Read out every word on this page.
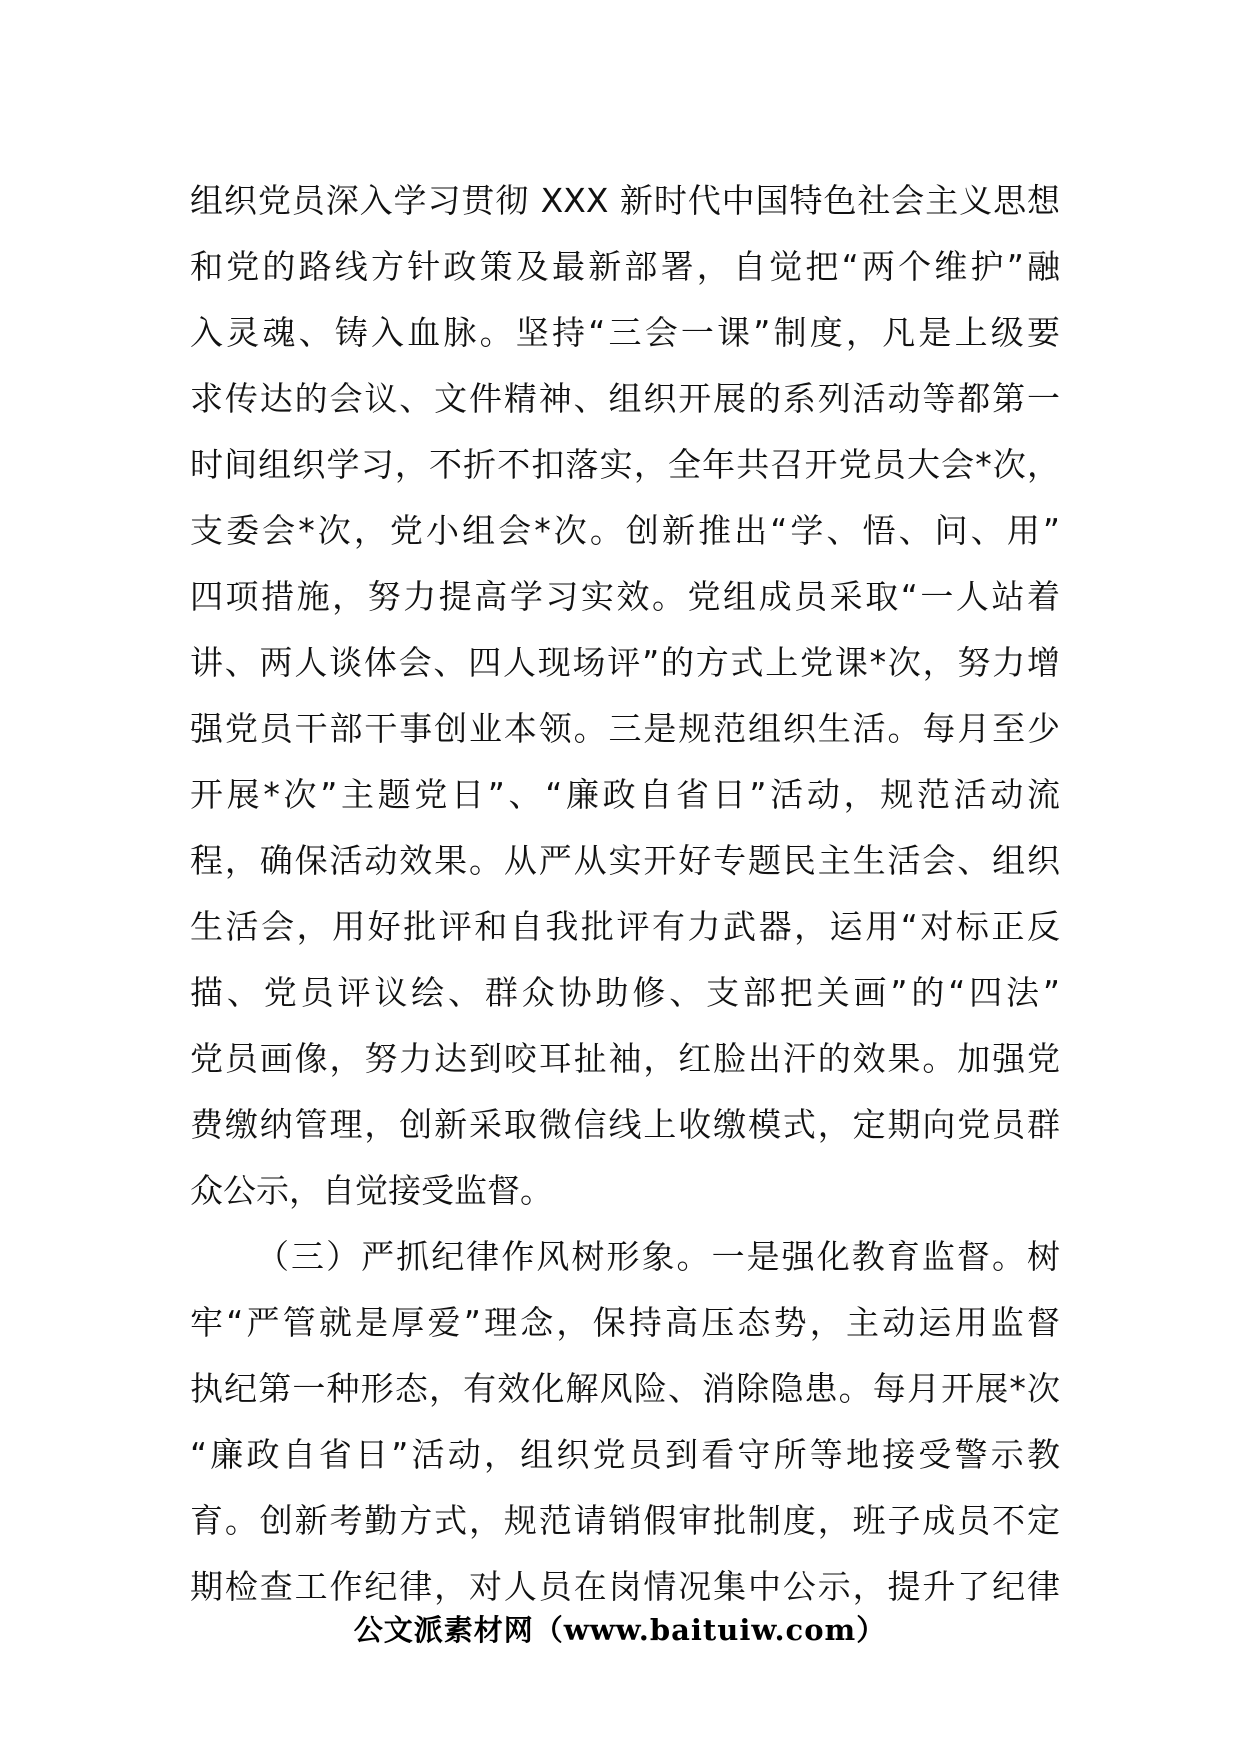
组织党员深入学习贯彻 XXX 新时代中国特色社会主义思想
和党的路线方针政策及最新部署，自觉把“两个维护”融
入灵魂、铸入血脉。坚持“三会一课”制度，凡是上级要
求传达的会议、文件精神、组织开展的系列活动等都第一
时间组织学习，不折不扣落实，全年共召开党员大会*次，
支委会*次，党小组会*次。创新推出“学、悟、问、用”
四项措施，努力提高学习实效。党组成员采取“一人站着
讲、两人谈体会、四人现场评”的方式上党课*次，努力增
强党员干部干事创业本领。三是规范组织生活。每月至少
开展*次”主题党日”、“廉政自省日”活动，规范活动流
程，确保活动效果。从严从实开好专题民主生活会、组织
生活会，用好批评和自我批评有力武器，运用“对标正反
描、党员评议绘、群众协助修、支部把关画”的“四法”
党员画像，努力达到咬耳扯袖，红脸出汗的效果。加强党
费缴纳管理，创新采取微信线上收缴模式，定期向党员群
众公示，自觉接受监督。
（三）严抓纪律作风树形象。一是强化教育监督。树
牢“严管就是厚爱”理念，保持高压态势，主动运用监督
执纪第一种形态，有效化解风险、消除隐患。每月开展*次
“廉政自省日”活动，组织党员到看守所等地接受警示教
育。创新考勤方式，规范请销假审批制度，班子成员不定
期检查工作纪律，对人员在岗情况集中公示，提升了纪律
公文派素材网（www.baituiw.com）
